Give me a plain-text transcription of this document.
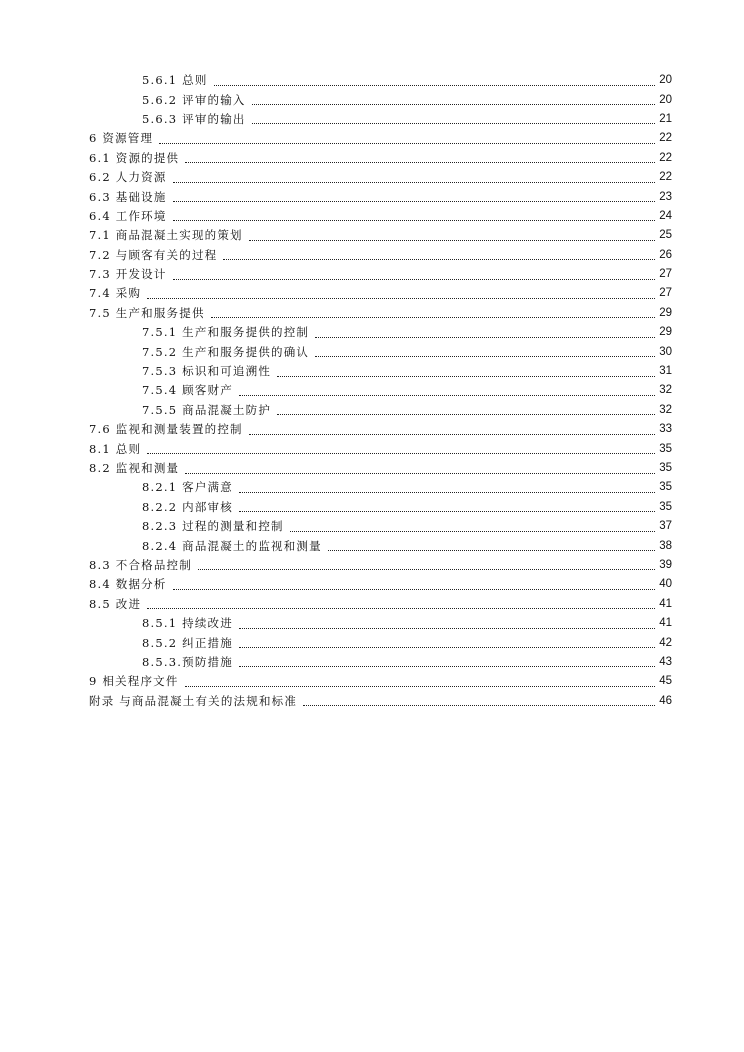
5.6.1 总则	20
5.6.2 评审的输入	20
5.6.3 评审的输出	21
6 资源管理	22
6.1 资源的提供	22
6.2 人力资源	22
6.3 基础设施	23
6.4 工作环境	24
7.1 商品混凝土实现的策划	25
7.2 与顾客有关的过程	26
7.3 开发设计	27
7.4 采购	27
7.5 生产和服务提供	29
7.5.1 生产和服务提供的控制	29
7.5.2 生产和服务提供的确认	30
7.5.3 标识和可追溯性	31
7.5.4 顾客财产	32
7.5.5 商品混凝土防护	32
7.6 监视和测量装置的控制	33
8.1 总则	35
8.2 监视和测量	35
8.2.1 客户满意	35
8.2.2 内部审核	35
8.2.3 过程的测量和控制	37
8.2.4 商品混凝土的监视和测量	38
8.3 不合格品控制	39
8.4 数据分析	40
8.5 改进	41
8.5.1 持续改进	41
8.5.2 纠正措施	42
8.5.3.预防措施	43
9 相关程序文件	45
附录 与商品混凝土有关的法规和标准	46
